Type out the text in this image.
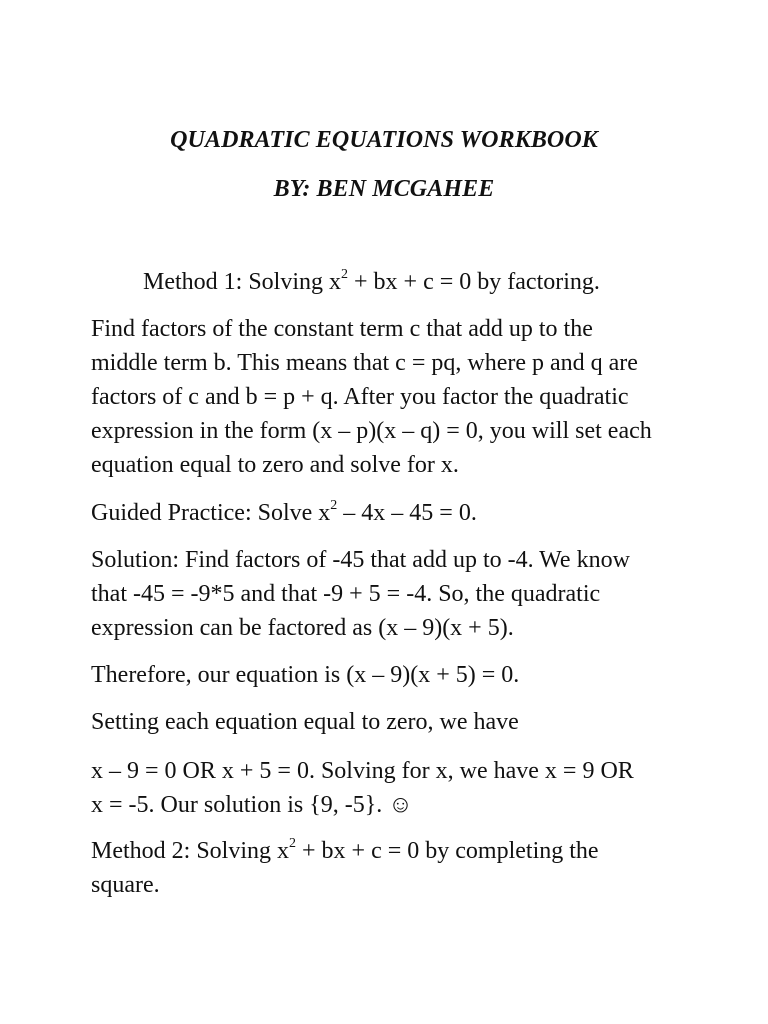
QUADRATIC EQUATIONS WORKBOOK
BY: BEN MCGAHEE
Method 1: Solving $x^2$ + bx + c = 0 by factoring.
Find factors of the constant term c that add up to the
middle term b. This means that c = pq, where p and q are
factors of c and b = p + q. After you factor the quadratic
expression in the form (x – p)(x – q) = 0, you will set each
equation equal to zero and solve for x.
Guided Practice: Solve $x^2 - 4x - 45 = 0$.
Solution: Find factors of -45 that add up to -4. We know
that -45 = -9*5 and that -9 + 5 = -4. So, the quadratic
expression can be factored as (x – 9)(x + 5).
Therefore, our equation is (x – 9)(x + 5) = 0.
Setting each equation equal to zero, we have
x – 9 = 0 OR x + 5 = 0. Solving for x, we have x = 9 OR
x = -5. Our solution is {9, -5}. ☺
Method 2: Solving $x^2$ + bx + c = 0 by completing the
square.
